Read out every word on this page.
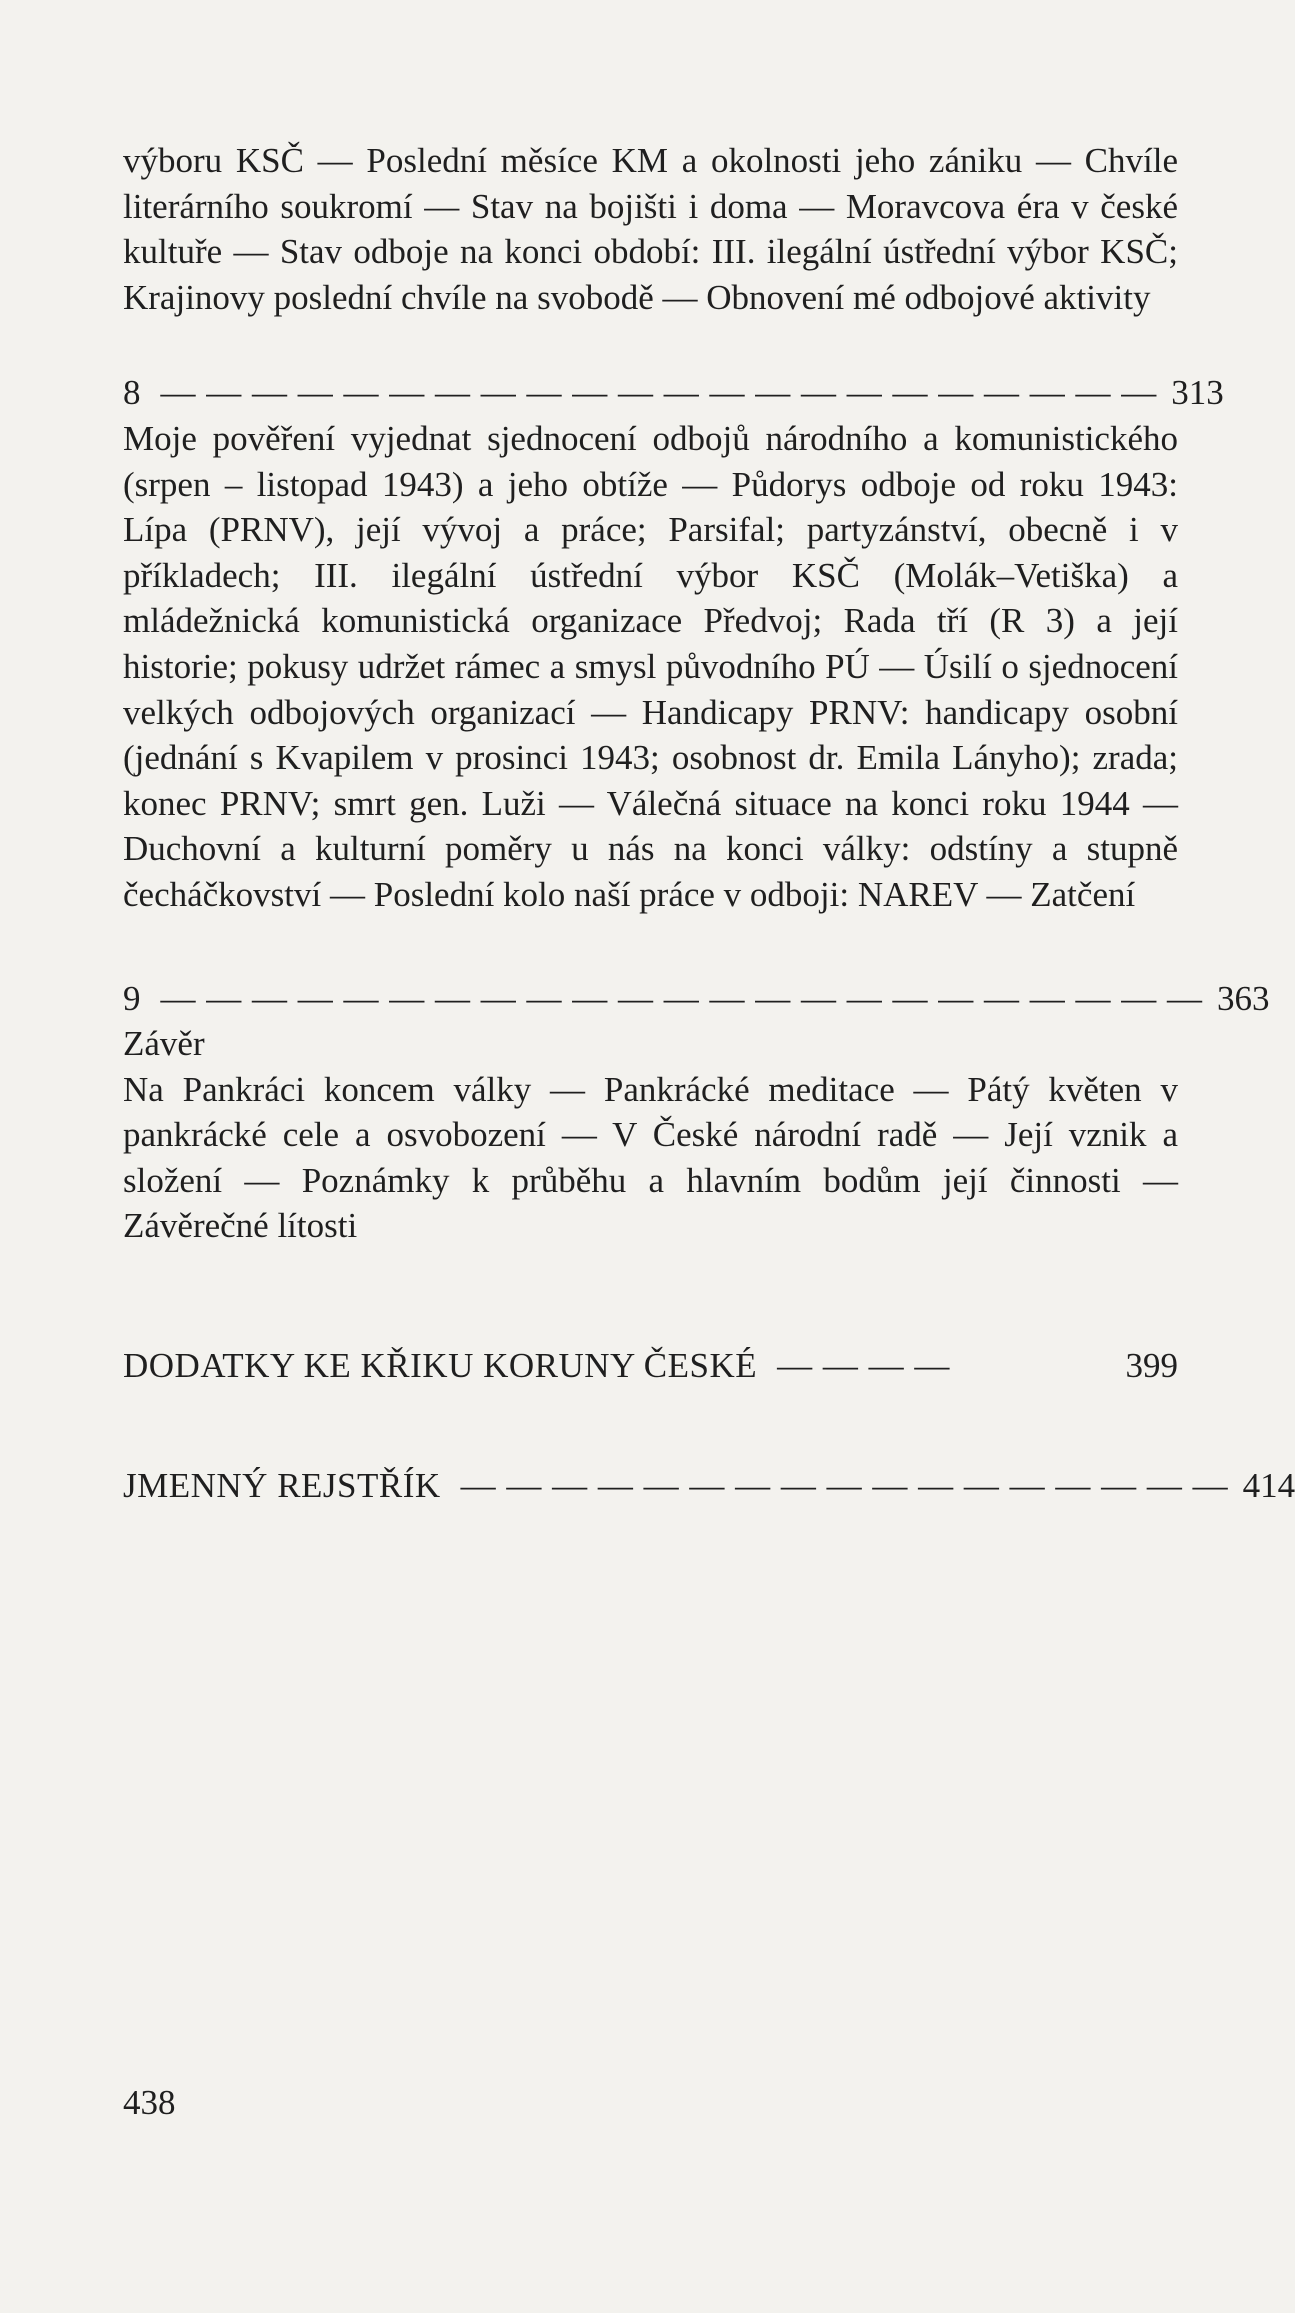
výboru KSČ — Poslední měsíce KM a okolnosti jeho zániku — Chvíle literárního soukromí — Stav na bojišti i doma — Moravcova éra v české kultuře — Stav odboje na konci období: III. ilegální ústřední výbor KSČ; Krajinovy poslední chvíle na svobodě — Obnovení mé odbojové aktivity

8 — — — — — — — — — — — — — — — — — — — — — — 313

Moje pověření vyjednat sjednocení odbojů národního a komunistického (srpen – listopad 1943) a jeho obtíže — Půdorys odboje od roku 1943: Lípa (PRNV), její vývoj a práce; Parsifal; partyzánství, obecně i v příkladech; III. ilegální ústřední výbor KSČ (Molák–Vetiška) a mládežnická komunistická organizace Předvoj; Rada tří (R 3) a její historie; pokusy udržet rámec a smysl původního PÚ — Úsilí o sjednocení velkých odbojových organizací — Handicapy PRNV: handicapy osobní (jednání s Kvapilem v prosinci 1943; osobnost dr. Emila Lányho); zrada; konec PRNV; smrt gen. Luži — Válečná situace na konci roku 1944 — Duchovní a kulturní poměry u nás na konci války: odstíny a stupně čecháčkovství — Poslední kolo naší práce v odboji: NAREV — Zatčení

9 — — — — — — — — — — — — — — — — — — — — — — — 363

Závěr

Na Pankráci koncem války — Pankrácké meditace — Pátý květen v pankrácké cele a osvobození — V České národní radě — Její vznik a složení — Poznámky k průběhu a hlavním bodům její činnosti — Závěrečné lítosti

DODATKY KE KŘIKU KORUNY ČESKÉ — — — —	399
JMENNÝ REJSTŘÍK — — — — — — — — — — — — — — — — — 414
438
